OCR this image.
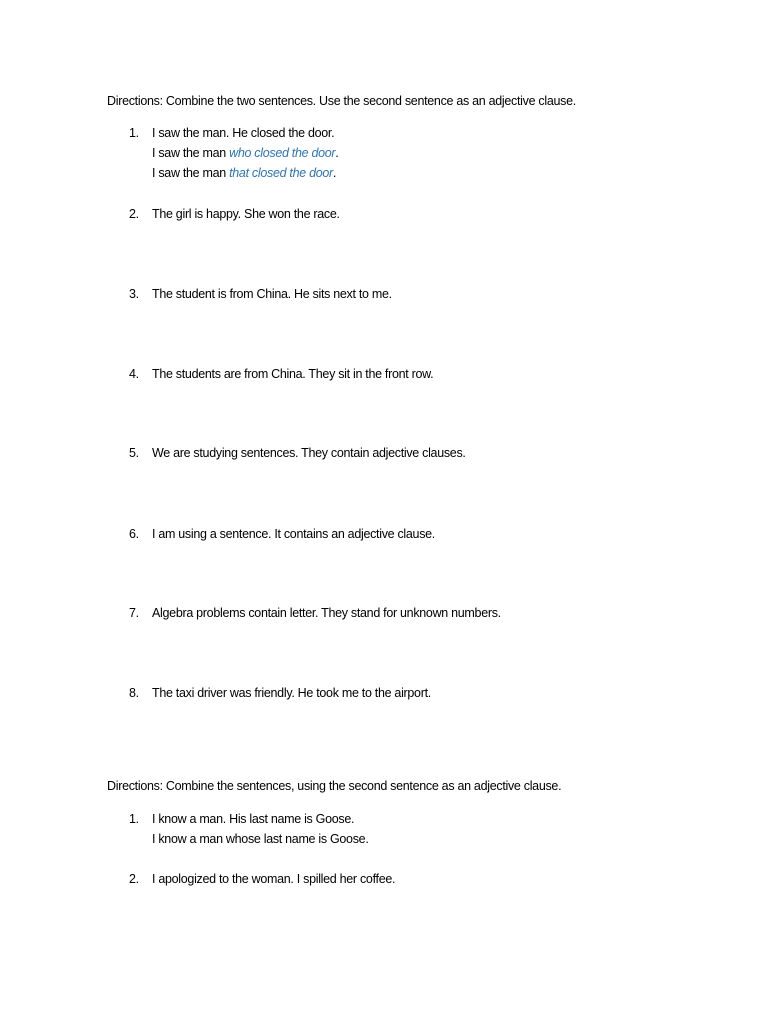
Directions: Combine the two sentences. Use the second sentence as an adjective clause.
1.	I saw the man. He closed the door.
I saw the man who closed the door.
I saw the man that closed the door.
2.	The girl is happy. She won the race.
3.	The student is from China. He sits next to me.
4.	The students are from China. They sit in the front row.
5.	We are studying sentences. They contain adjective clauses.
6.	I am using a sentence. It contains an adjective clause.
7.	Algebra problems contain letter. They stand for unknown numbers.
8.	The taxi driver was friendly. He took me to the airport.
Directions: Combine the sentences, using the second sentence as an adjective clause.
1.	I know a man. His last name is Goose.
I know a man whose last name is Goose.
2.	I apologized to the woman. I spilled her coffee.
